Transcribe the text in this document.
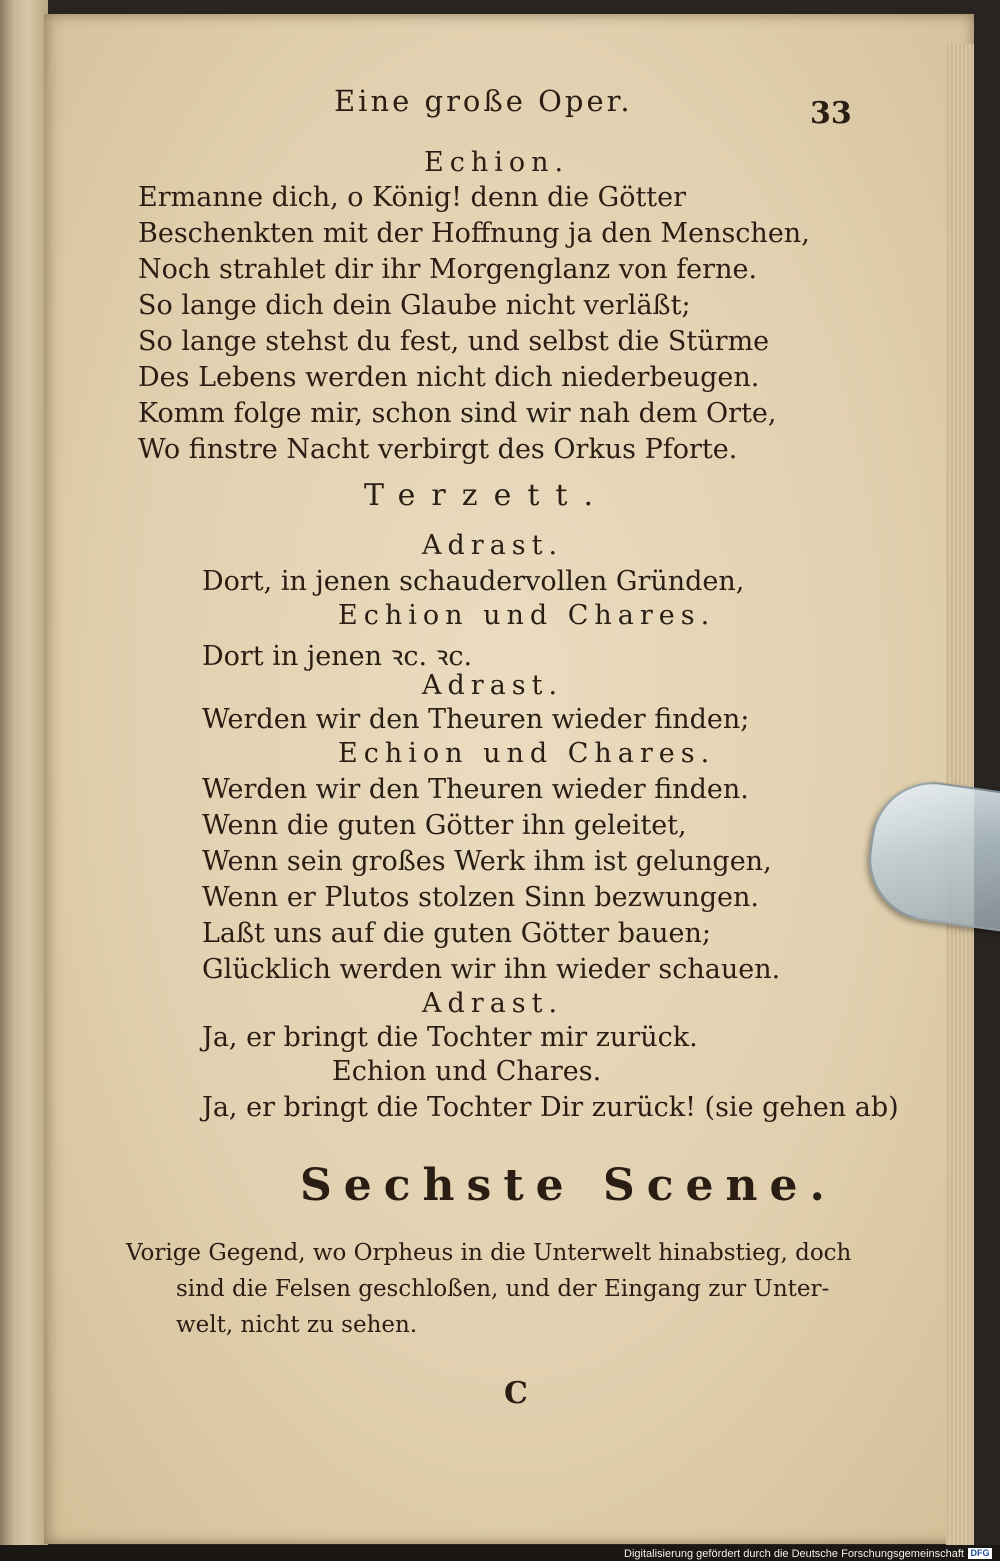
Eine große Oper.	33
Echion.
Ermanne dich, o König! denn die Götter
Beschenkten mit der Hoffnung ja den Menschen,
Noch strahlet dir ihr Morgenglanz von ferne.
So lange dich dein Glaube nicht verläßt;
So lange stehst du fest, und selbst die Stürme
Des Lebens werden nicht dich niederbeugen.
Komm folge mir, schon sind wir nah dem Orte,
Wo finstre Nacht verbirgt des Orkus Pforte.
Terzett.
Adrast.
Dort, in jenen schaudervollen Gründen,
Echion und Chares.
Dort in jenen ꝛc. ꝛc.
Adrast.
Werden wir den Theuren wieder finden;
Echion und Chares.
Werden wir den Theuren wieder finden.
Wenn die guten Götter ihn geleitet,
Wenn sein großes Werk ihm ist gelungen,
Wenn er Plutos stolzen Sinn bezwungen.
Laßt uns auf die guten Götter bauen;
Glücklich werden wir ihn wieder schauen.
Adrast.
Ja, er bringt die Tochter mir zurück.
Echion und Chares.
Ja, er bringt die Tochter Dir zurück! (sie gehen ab)
Sechste Scene.
Vorige Gegend, wo Orpheus in die Unterwelt hinabstieg, doch
sind die Felsen geschloßen, und der Eingang zur Unter-
welt, nicht zu sehen.
C
Digitalisierung gefördert durch die Deutsche Forschungsgemeinschaft DFG
